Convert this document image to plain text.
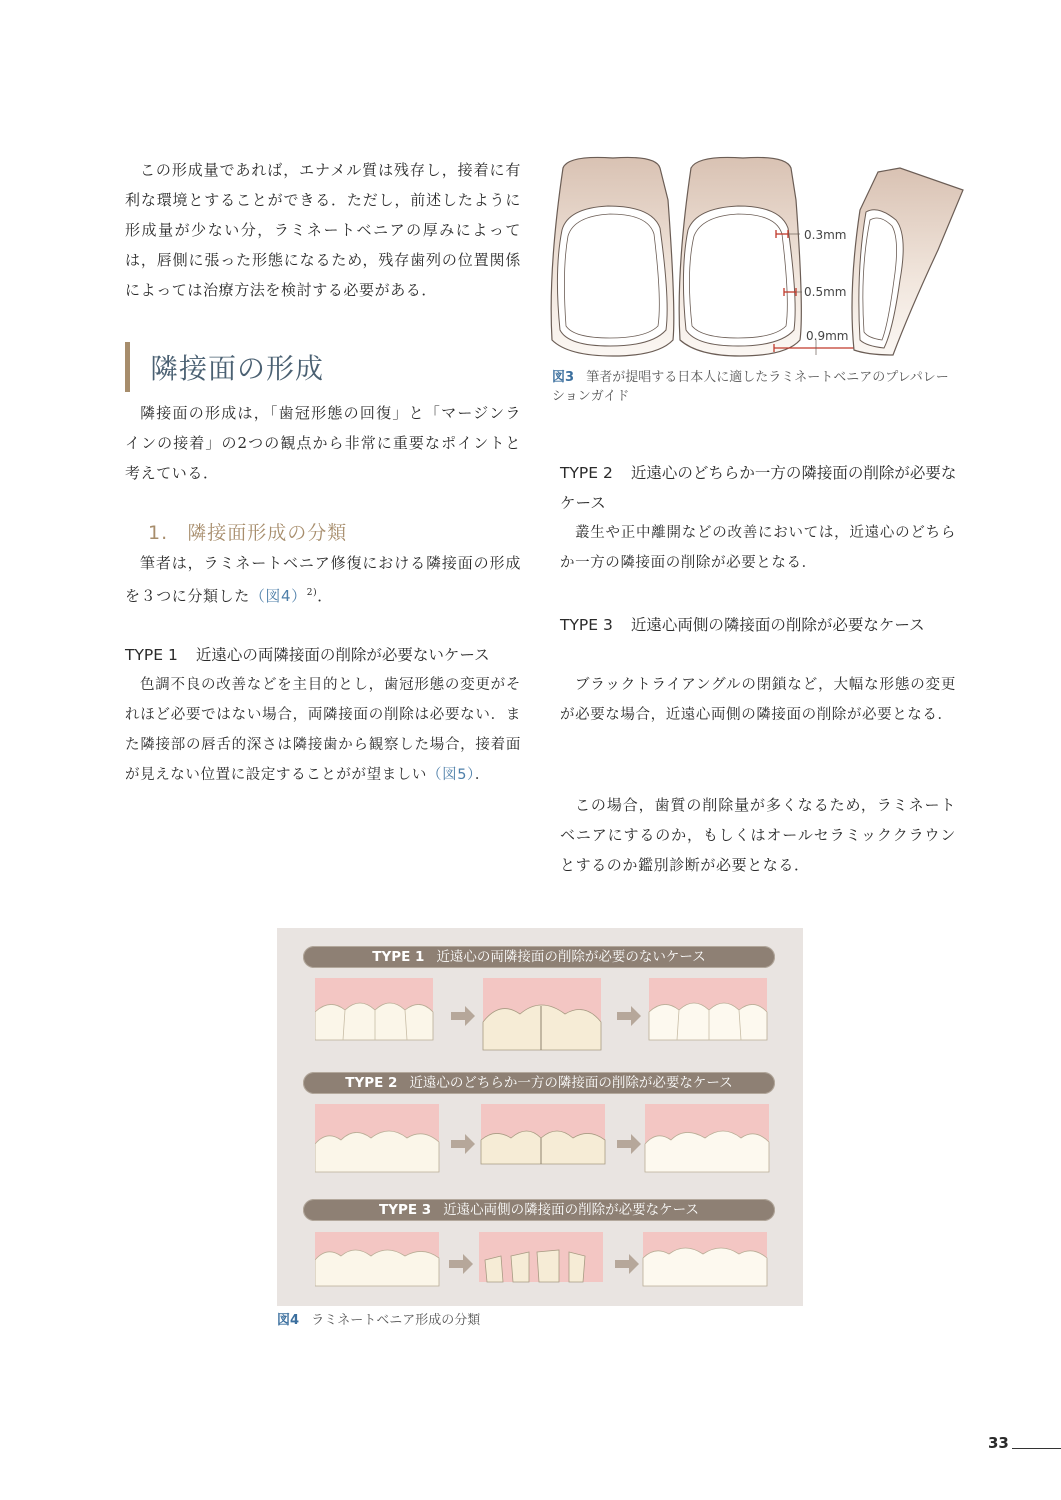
この形成量であれば，エナメル質は残存し，接着に有利な環境とすることができる．ただし，前述したように形成量が少ない分，ラミネートベニアの厚みによっては，唇側に張った形態になるため，残存歯列の位置関係によっては治療方法を検討する必要がある．

隣接面の形成

隣接面の形成は，「歯冠形態の回復」と「マージンラインの接着」の2つの観点から非常に重要なポイントと考えている．

1. 隣接面形成の分類

筆者は，ラミネートベニア修復における隣接面の形成を３つに分類した（図4）$^{2)}$．

TYPE 1 近遠心の両隣接面の削除が必要ないケース

色調不良の改善などを主目的とし，歯冠形態の変更がそれほど必要ではない場合，両隣接面の削除は必要ない．また隣接部の唇舌的深さは隣接歯から観察した場合，接着面が見えない位置に設定することがが望ましい（図5）．

0.3mm
0.5mm
0.9mm
図3 筆者が提唱する日本人に適したラミネートベニアのプレパレーションガイド

TYPE 2 近遠心のどちらか一方の隣接面の削除が必要なケース

叢生や正中離開などの改善においては，近遠心のどちらか一方の隣接面の削除が必要となる．

TYPE 3 近遠心両側の隣接面の削除が必要なケース

ブラックトライアングルの閉鎖など，大幅な形態の変更が必要な場合，近遠心両側の隣接面の削除が必要となる．

この場合，歯質の削除量が多くなるため，ラミネートベニアにするのか，もしくはオールセラミッククラウンとするのか鑑別診断が必要となる．

TYPE 1 近遠心の両隣接面の削除が必要のないケース
TYPE 2 近遠心のどちらか一方の隣接面の削除が必要なケース
TYPE 3 近遠心両側の隣接面の削除が必要なケース
図4 ラミネートベニア形成の分類
33
